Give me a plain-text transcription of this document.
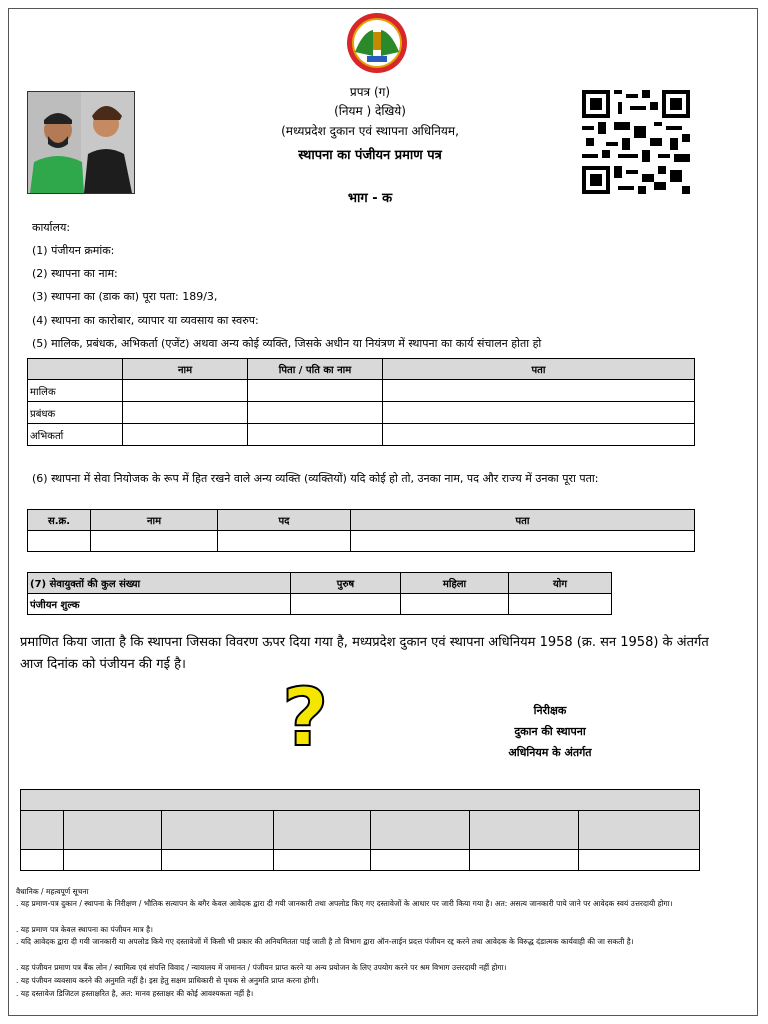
प्रपत्र (ग)
(नियम ) देखिये)
(मध्यप्रदेश दुकान एवं स्थापना अधिनियम,
स्थापना का पंजीयन प्रमाण पत्र
भाग - क
कार्यालय:
(1) पंजीयन क्रमांक:
(2) स्थापना का नाम:
(3) स्थापना का (डाक का) पूरा पता: 189/3,
(4) स्थापना का कारोबार, व्यापार या व्यवसाय का स्वरुप:
(5) मालिक, प्रबंधक, अभिकर्ता (एजेंट) अथवा अन्य कोई व्यक्ति, जिसके अधीन या नियंत्रण में स्थापना का कार्य संचालन होता हो
	नाम	पिता / पति का नाम	पता
मालिक			
प्रबंधक			
अभिकर्ता			
(6) स्थापना में सेवा नियोजक के रूप में हित रखने वाले अन्य व्यक्ति (व्यक्तियों) यदि कोई हो तो, उनका नाम, पद और राज्य में उनका पूरा पता:
स.क्र.	नाम	पद	पता

(7) सेवायुक्तों की कुल संख्या	पुरुष	महिला	योग
पंजीयन शुल्क			
प्रमाणित किया जाता है कि स्थापना जिसका विवरण ऊपर दिया गया है, मध्यप्रदेश दुकान एवं स्थापना अधिनियम 1958 (क्र. सन 1958) के अंतर्गत आज दिनांक को पंजीयन की गई है।
?	निरीक्षक
दुकान की स्थापना
अधिनियम के अंतर्गत

वैधानिक / महत्वपूर्ण सूचना
. यह प्रमाण-पत्र दुकान / स्थापना के निरीक्षण / भौतिक सत्यापन के बगैर केवल आवेदक द्वारा दी गयी जानकारी तथा अपलोड किए गए दस्तावेजों के आधार पर जारी किया गया है। अत: असत्य जानकारी पाये जाने पर आवेदक स्वयं उत्तरदायी होगा।
. यह प्रमाण पत्र केवल स्थापना का पंजीयन मात्र है।
. यदि आवेदक द्वारा दी गयी जानकारी या अपलोड किये गए दस्तावेजों में किसी भी प्रकार की अनियमितता पाई जाती है तो विभाग द्वारा ऑन-लाईन प्रदत्त पंजीयन रद्द करने तथा आवेदक के विरुद्ध दंडात्मक कार्यवाही की जा सकती है।
. यह पंजीयन प्रमाण पत्र बैंक लोन / स्वामित्व एवं संपत्ति विवाद / न्यायालय में जमानत / पंजीयन प्राप्त करने या अन्य प्रयोजन के लिए उपयोग करने पर श्रम विभाग उत्तरदायी नहीं होगा।
. यह पंजीयन व्यवसाय करने की अनुमति नहीं है। इस हेतु सक्षम प्राधिकारी से पृथक से अनुमति प्राप्त करना होगी।
. यह दस्तावेज डिजिटल हस्ताक्षरित है, अत: मानव हस्ताक्षर की कोई आवश्यकता नहीं है।
